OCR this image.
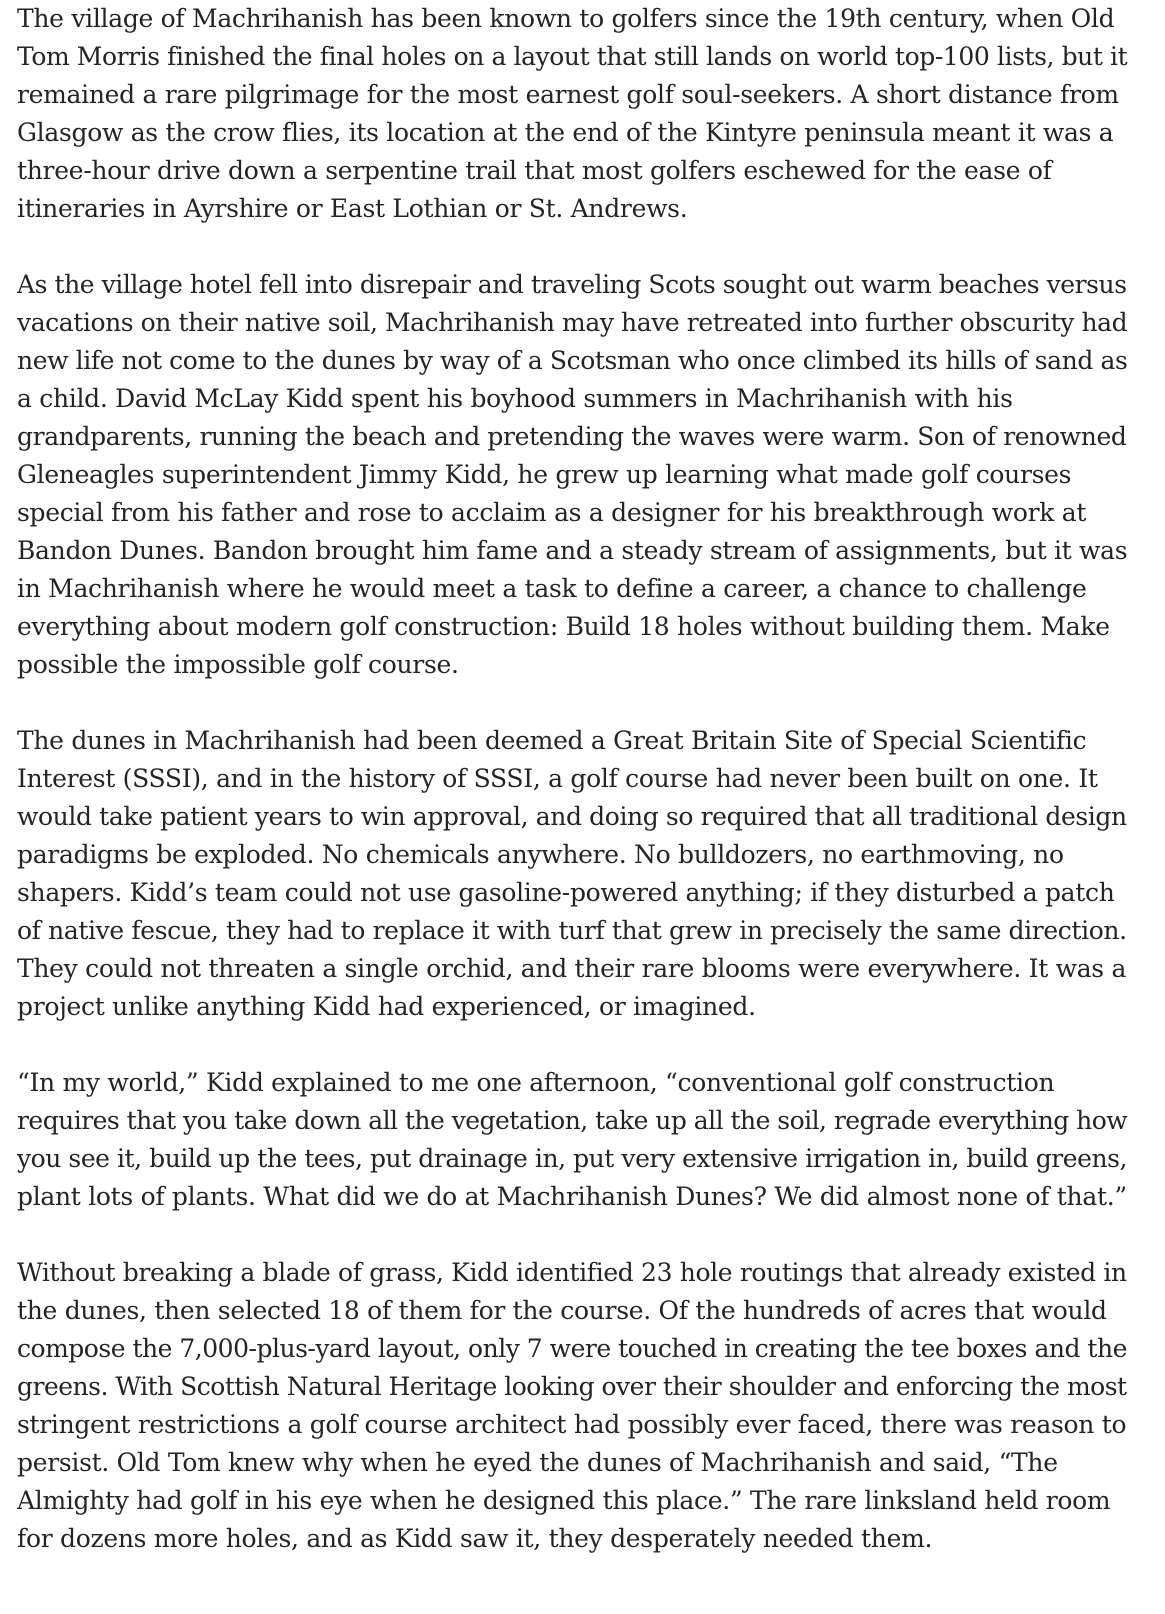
The village of Machrihanish has been known to golfers since the 19th century, when Old
Tom Morris finished the final holes on a layout that still lands on world top-100 lists, but it
remained a rare pilgrimage for the most earnest golf soul-seekers. A short distance from
Glasgow as the crow flies, its location at the end of the Kintyre peninsula meant it was a
three-hour drive down a serpentine trail that most golfers eschewed for the ease of
itineraries in Ayrshire or East Lothian or St. Andrews.

As the village hotel fell into disrepair and traveling Scots sought out warm beaches versus
vacations on their native soil, Machrihanish may have retreated into further obscurity had
new life not come to the dunes by way of a Scotsman who once climbed its hills of sand as
a child. David McLay Kidd spent his boyhood summers in Machrihanish with his
grandparents, running the beach and pretending the waves were warm. Son of renowned
Gleneagles superintendent Jimmy Kidd, he grew up learning what made golf courses
special from his father and rose to acclaim as a designer for his breakthrough work at
Bandon Dunes. Bandon brought him fame and a steady stream of assignments, but it was
in Machrihanish where he would meet a task to define a career, a chance to challenge
everything about modern golf construction: Build 18 holes without building them. Make
possible the impossible golf course.

The dunes in Machrihanish had been deemed a Great Britain Site of Special Scientific
Interest (SSSI), and in the history of SSSI, a golf course had never been built on one. It
would take patient years to win approval, and doing so required that all traditional design
paradigms be exploded. No chemicals anywhere. No bulldozers, no earthmoving, no
shapers. Kidd’s team could not use gasoline-powered anything; if they disturbed a patch
of native fescue, they had to replace it with turf that grew in precisely the same direction.
They could not threaten a single orchid, and their rare blooms were everywhere. It was a
project unlike anything Kidd had experienced, or imagined.

“In my world,” Kidd explained to me one afternoon, “conventional golf construction
requires that you take down all the vegetation, take up all the soil, regrade everything how
you see it, build up the tees, put drainage in, put very extensive irrigation in, build greens,
plant lots of plants. What did we do at Machrihanish Dunes? We did almost none of that.”

Without breaking a blade of grass, Kidd identified 23 hole routings that already existed in
the dunes, then selected 18 of them for the course. Of the hundreds of acres that would
compose the 7,000-plus-yard layout, only 7 were touched in creating the tee boxes and the
greens. With Scottish Natural Heritage looking over their shoulder and enforcing the most
stringent restrictions a golf course architect had possibly ever faced, there was reason to
persist. Old Tom knew why when he eyed the dunes of Machrihanish and said, “The
Almighty had golf in his eye when he designed this place.” The rare linksland held room
for dozens more holes, and as Kidd saw it, they desperately needed them.
